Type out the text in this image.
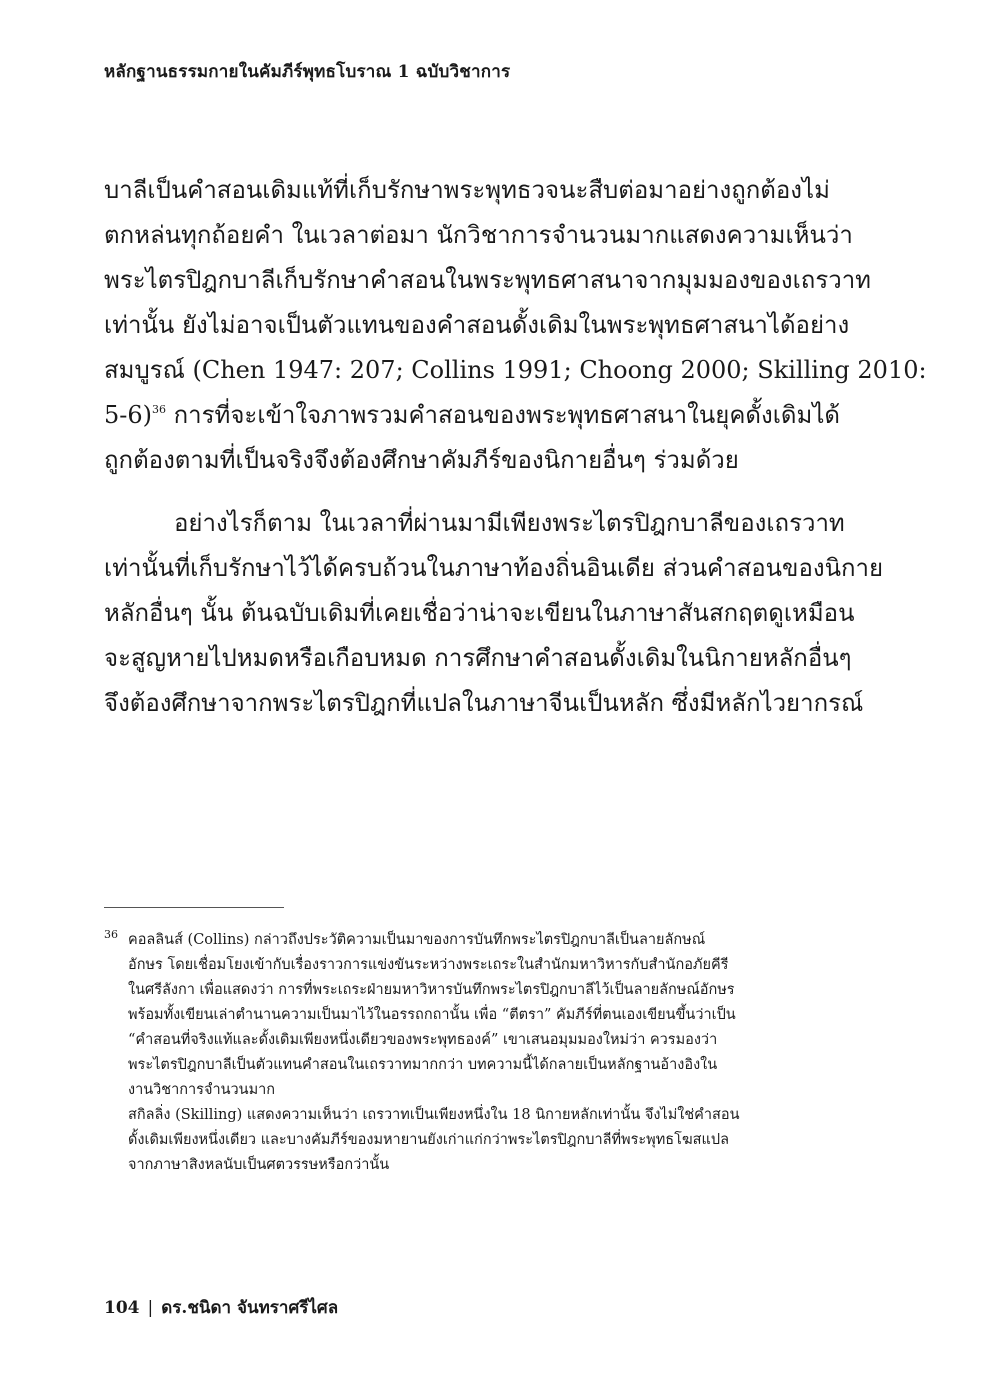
หลักฐานธรรมกายในคัมภีร์พุทธโบราณ 1 ฉบับวิชาการ
บาลีเป็นคำสอนเดิมแท้ที่เก็บรักษาพระพุทธวจนะสืบต่อมาอย่างถูกต้องไม่
ตกหล่นทุกถ้อยคำ ในเวลาต่อมา นักวิชาการจำนวนมากแสดงความเห็นว่า
พระไตรปิฎกบาลีเก็บรักษาคำสอนในพระพุทธศาสนาจากมุมมองของเถรวาท
เท่านั้น ยังไม่อาจเป็นตัวแทนของคำสอนดั้งเดิมในพระพุทธศาสนาได้อย่าง
สมบูรณ์ (Chen 1947: 207; Collins 1991; Choong 2000; Skilling 2010:
5-6)$^{36}$ การที่จะเข้าใจภาพรวมคำสอนของพระพุทธศาสนาในยุคดั้งเดิมได้
ถูกต้องตามที่เป็นจริงจึงต้องศึกษาคัมภีร์ของนิกายอื่นๆ ร่วมด้วย
อย่างไรก็ตาม ในเวลาที่ผ่านมามีเพียงพระไตรปิฎกบาลีของเถรวาท
เท่านั้นที่เก็บรักษาไว้ได้ครบถ้วนในภาษาท้องถิ่นอินเดีย ส่วนคำสอนของนิกาย
หลักอื่นๆ นั้น ต้นฉบับเดิมที่เคยเชื่อว่าน่าจะเขียนในภาษาสันสกฤตดูเหมือน
จะสูญหายไปหมดหรือเกือบหมด การศึกษาคำสอนดั้งเดิมในนิกายหลักอื่นๆ
จึงต้องศึกษาจากพระไตรปิฎกที่แปลในภาษาจีนเป็นหลัก ซึ่งมีหลักไวยากรณ์
36 คอลลินส์ (Collins) กล่าวถึงประวัติความเป็นมาของการบันทึกพระไตรปิฎกบาลีเป็นลายลักษณ์
อักษร โดยเชื่อมโยงเข้ากับเรื่องราวการแข่งขันระหว่างพระเถระในสำนักมหาวิหารกับสำนักอภัยคีรี
ในศรีลังกา เพื่อแสดงว่า การที่พระเถระฝ่ายมหาวิหารบันทึกพระไตรปิฎกบาลีไว้เป็นลายลักษณ์อักษร
พร้อมทั้งเขียนเล่าตำนานความเป็นมาไว้ในอรรถกถานั้น เพื่อ “ตีตรา” คัมภีร์ที่ตนเองเขียนขึ้นว่าเป็น
“คำสอนที่จริงแท้และดั้งเดิมเพียงหนึ่งเดียวของพระพุทธองค์” เขาเสนอมุมมองใหม่ว่า ควรมองว่า
พระไตรปิฎกบาลีเป็นตัวแทนคำสอนในเถรวาทมากกว่า บทความนี้ได้กลายเป็นหลักฐานอ้างอิงใน
งานวิชาการจำนวนมาก
สกิลลิ่ง (Skilling) แสดงความเห็นว่า เถรวาทเป็นเพียงหนึ่งใน 18 นิกายหลักเท่านั้น จึงไม่ใช่คำสอน
ดั้งเดิมเพียงหนึ่งเดียว และบางคัมภีร์ของมหายานยังเก่าแก่กว่าพระไตรปิฎกบาลีที่พระพุทธโฆสแปล
จากภาษาสิงหลนับเป็นศตวรรษหรือกว่านั้น
104 | ดร.ชนิดา จันทราศรีไศล
